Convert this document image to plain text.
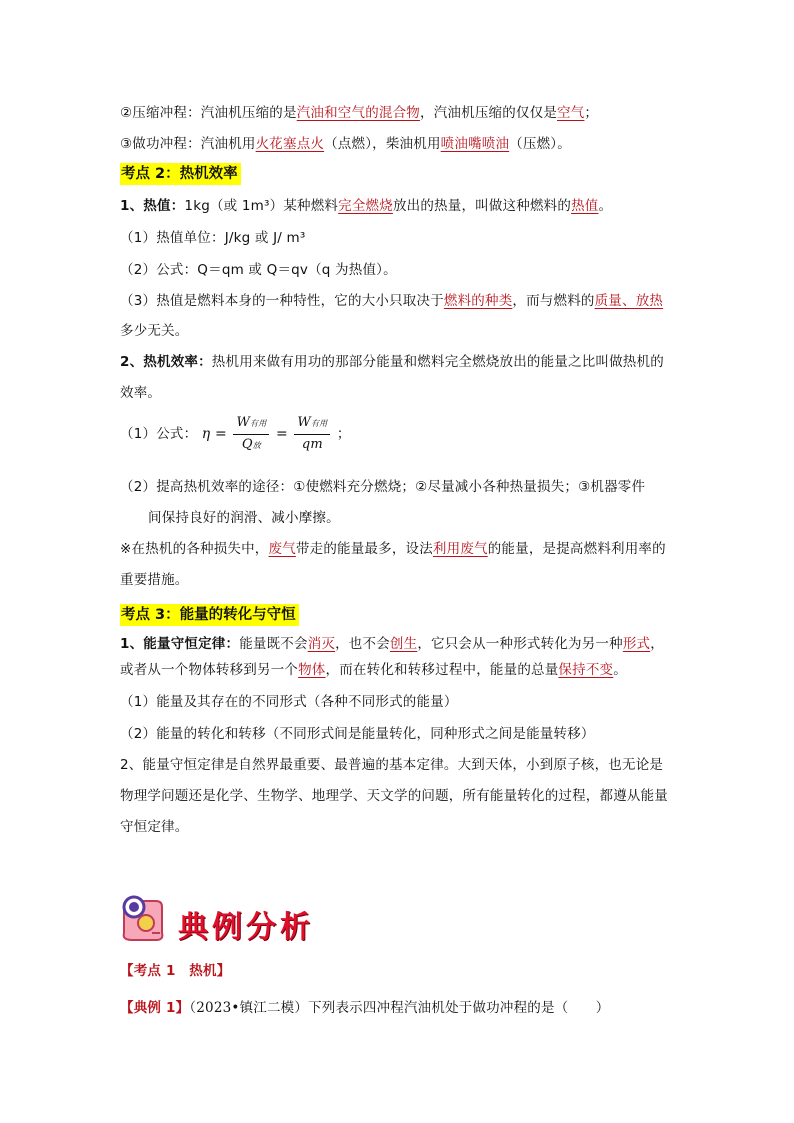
②压缩冲程：汽油机压缩的是汽油和空气的混合物，汽油机压缩的仅仅是空气；
③做功冲程：汽油机用火花塞点火（点燃），柴油机用喷油嘴喷油（压燃）。
考点 2：热机效率
1、热值：1kg（或 1m³）某种燃料完全燃烧放出的热量，叫做这种燃料的热值。
（1）热值单位：J/kg 或 J/ m³
（2）公式：Q＝qm 或 Q＝qv（q 为热值）。
（3）热值是燃料本身的一种特性，它的大小只取决于燃料的种类，而与燃料的质量、放热
多少无关。
2、热机效率：热机用来做有用功的那部分能量和燃料完全燃烧放出的能量之比叫做热机的
效率。
（1）公式： $\eta = \frac{\text{W有用}}{\text{Q放}} = \frac{\text{W有用}}{qm}$ ；
（2）提高热机效率的途径：①使燃料充分燃烧；②尽量减小各种热量损失；③机器零件
间保持良好的润滑、减小摩擦。
※在热机的各种损失中，废气带走的能量最多，设法利用废气的能量，是提高燃料利用率的
重要措施。
考点 3：能量的转化与守恒
1、能量守恒定律：能量既不会消灭，也不会创生，它只会从一种形式转化为另一种形式，
或者从一个物体转移到另一个物体，而在转化和转移过程中，能量的总量保持不变。
（1）能量及其存在的不同形式（各种不同形式的能量）
（2）能量的转化和转移（不同形式间是能量转化，同种形式之间是能量转移）
2、能量守恒定律是自然界最重要、最普遍的基本定律。大到天体，小到原子核，也无论是
物理学问题还是化学、生物学、地理学、天文学的问题，所有能量转化的过程，都遵从能量
守恒定律。
典例分析
【考点 1　热机】
【典例 1】（2023•镇江二模）下列表示四冲程汽油机处于做功冲程的是（　　）
